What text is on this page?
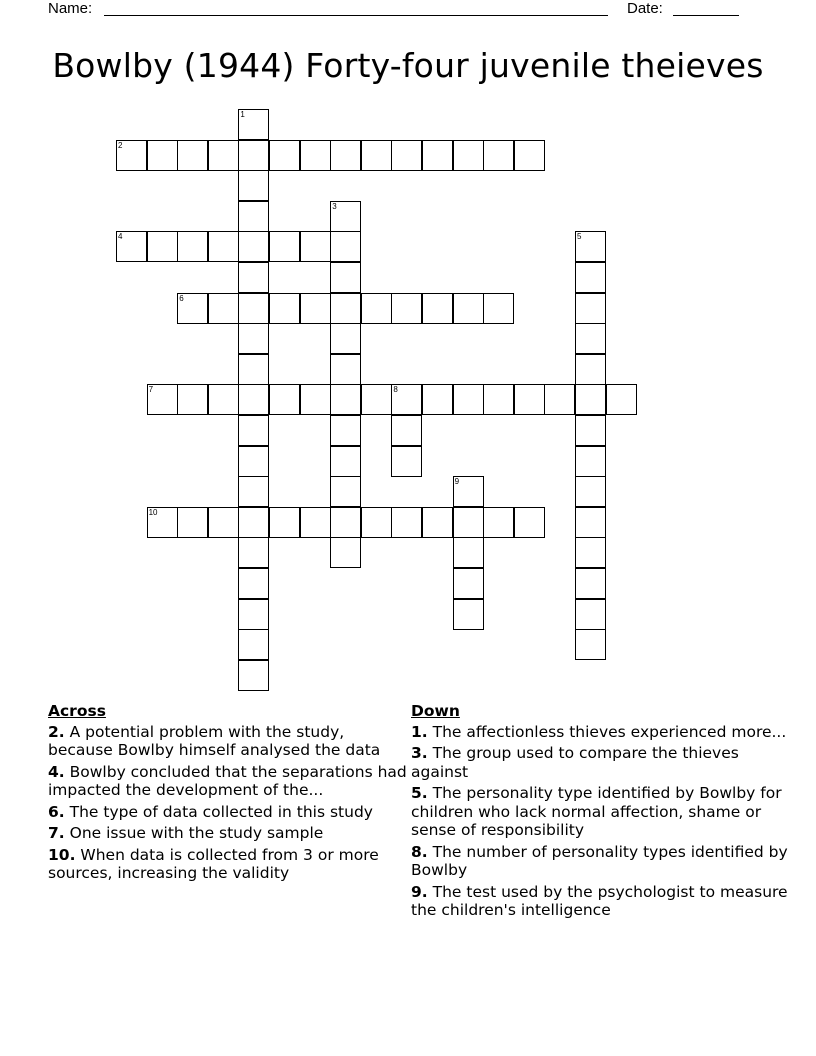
Name:	Date:
Bowlby (1944) Forty-four juvenile theieves
1
2
3
4	5
6
7	8
9
10
Across
2. A potential problem with the study, because Bowlby himself analysed the data
4. Bowlby concluded that the separations had impacted the development of the...
6. The type of data collected in this study
7. One issue with the study sample
10. When data is collected from 3 or more sources, increasing the validity
Down
1. The affectionless thieves experienced more...
3. The group used to compare the thieves against
5. The personality type identified by Bowlby for children who lack normal affection, shame or sense of responsibility
8. The number of personality types identified by Bowlby
9. The test used by the psychologist to measure the children's intelligence
